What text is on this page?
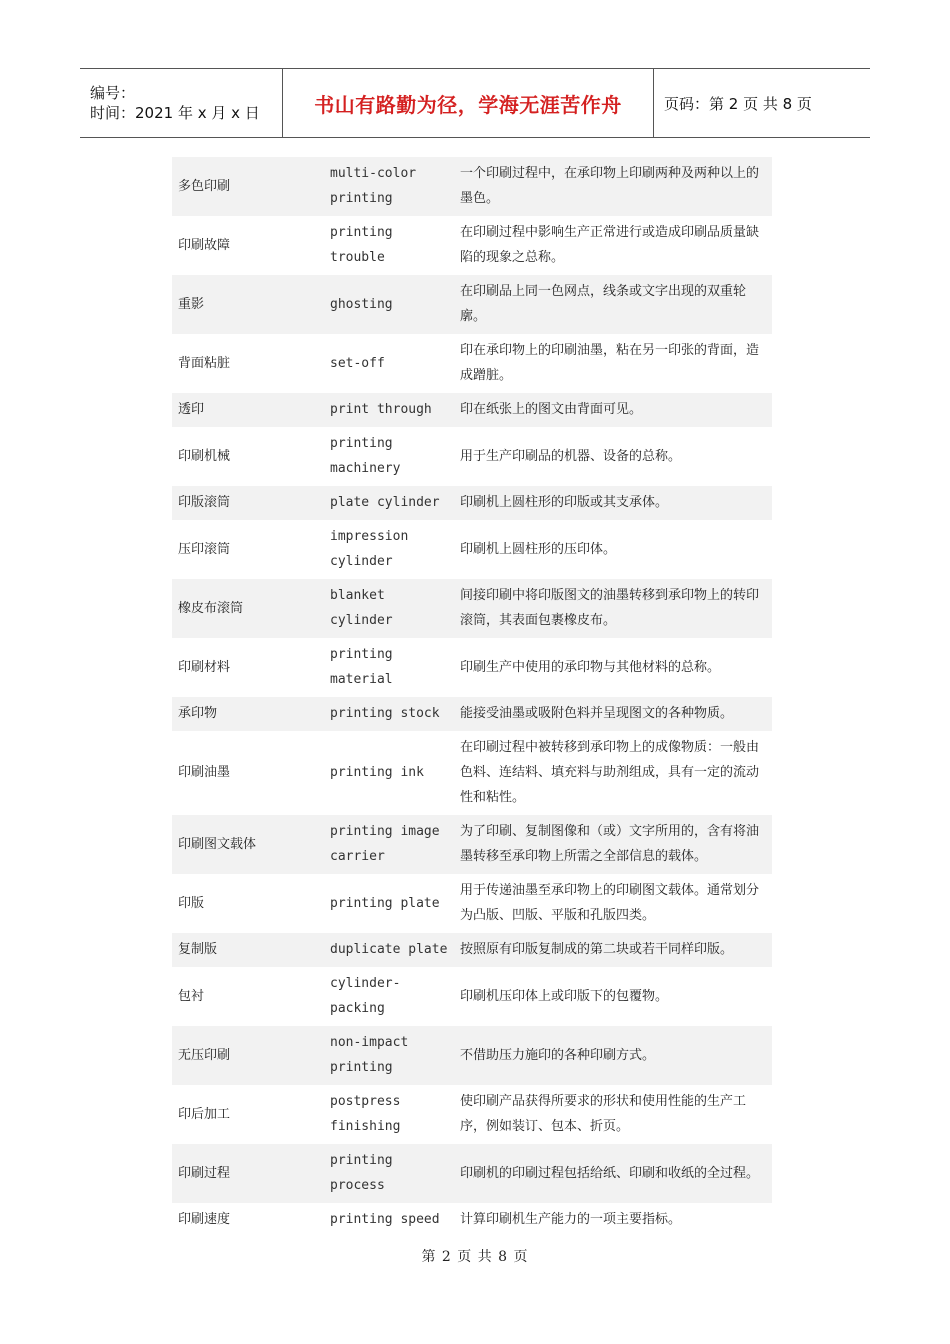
编号：
时间：2021 年 x 月 x 日	书山有路勤为径，学海无涯苦作舟	页码：第 2 页 共 8 页
多色印刷	multi-color printing	一个印刷过程中，在承印物上印刷两种及两种以上的墨色。
印刷故障	printing trouble	在印刷过程中影响生产正常进行或造成印刷品质量缺陷的现象之总称。
重影	ghosting	在印刷品上同一色网点，线条或文字出现的双重轮廓。
背面粘脏	set-off	印在承印物上的印刷油墨，粘在另一印张的背面，造成蹭脏。
透印	print through	印在纸张上的图文由背面可见。
印刷机械	printing machinery	用于生产印刷品的机器、设备的总称。
印版滚筒	plate cylinder	印刷机上圆柱形的印版或其支承体。
压印滚筒	impression cylinder	印刷机上圆柱形的压印体。
橡皮布滚筒	blanket cylinder	间接印刷中将印版图文的油墨转移到承印物上的转印滚筒，其表面包裹橡皮布。
印刷材料	printing material	印刷生产中使用的承印物与其他材料的总称。
承印物	printing stock	能接受油墨或吸附色料并呈现图文的各种物质。
印刷油墨	printing ink	在印刷过程中被转移到承印物上的成像物质：一般由色料、连结料、填充料与助剂组成，具有一定的流动性和粘性。
印刷图文载体	printing image carrier	为了印刷、复制图像和（或）文字所用的，含有将油墨转移至承印物上所需之全部信息的载体。
印版	printing plate	用于传递油墨至承印物上的印刷图文载体。通常划分为凸版、凹版、平版和孔版四类。
复制版	duplicate plate	按照原有印版复制成的第二块或若干同样印版。
包衬	cylinder-packing	印刷机压印体上或印版下的包覆物。
无压印刷	non-impact printing	不借助压力施印的各种印刷方式。
印后加工	postpress finishing	使印刷产品获得所要求的形状和使用性能的生产工序，例如装订、包本、折页。
印刷过程	printing process	印刷机的印刷过程包括给纸、印刷和收纸的全过程。
印刷速度	printing speed	计算印刷机生产能力的一项主要指标。
第 2 页 共 8 页
